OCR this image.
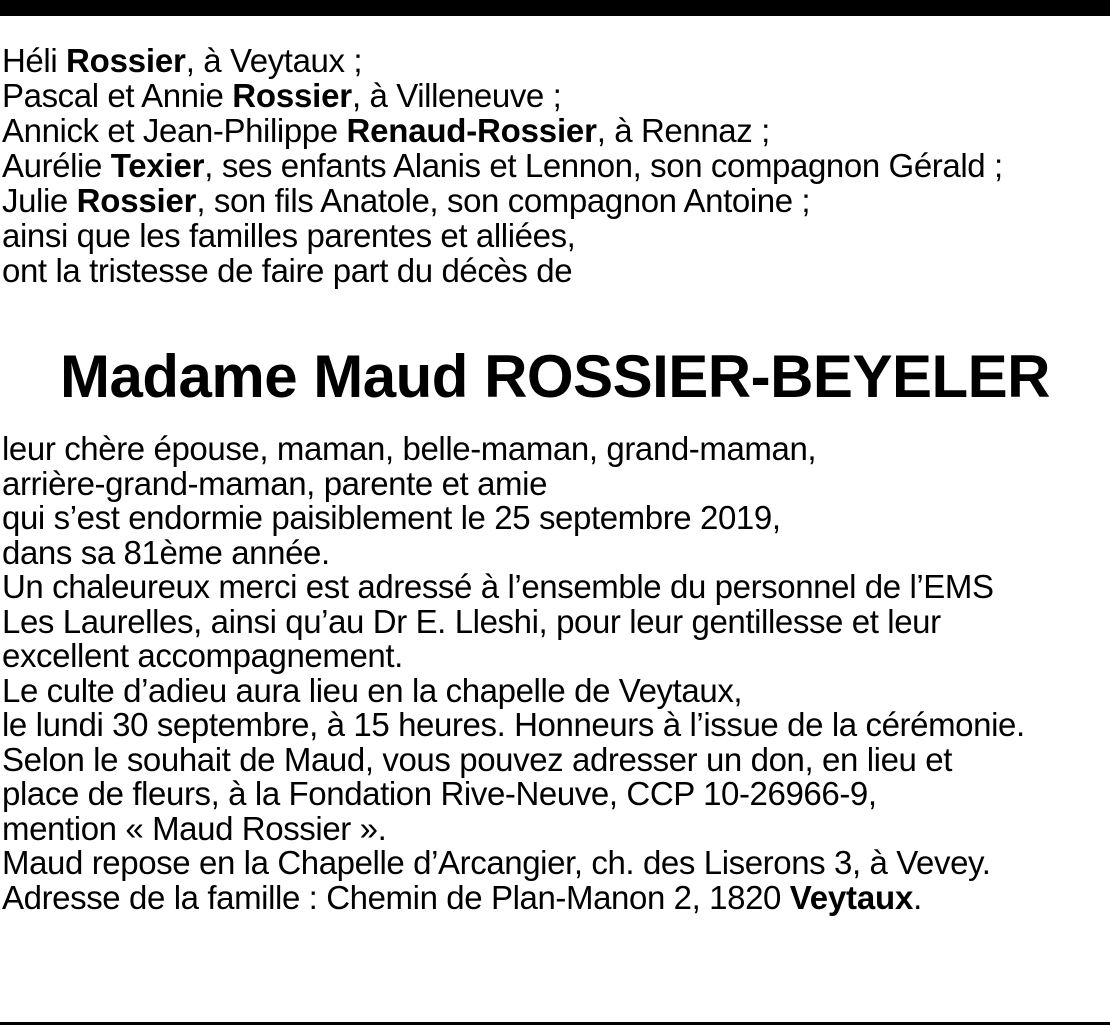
Héli Rossier, à Veytaux ;
Pascal et Annie Rossier, à Villeneuve ;
Annick et Jean-Philippe Renaud-Rossier, à Rennaz ;
Aurélie Texier, ses enfants Alanis et Lennon, son compagnon Gérald ;
Julie Rossier, son fils Anatole, son compagnon Antoine ;
ainsi que les familles parentes et alliées,
ont la tristesse de faire part du décès de
Madame Maud ROSSIER-BEYELER
leur chère épouse, maman, belle-maman, grand-maman,
arrière-grand-maman, parente et amie
qui s’est endormie paisiblement le 25 septembre 2019,
dans sa 81ème année.
Un chaleureux merci est adressé à l’ensemble du personnel de l’EMS
Les Laurelles, ainsi qu’au Dr E. Lleshi, pour leur gentillesse et leur
excellent accompagnement.
Le culte d’adieu aura lieu en la chapelle de Veytaux,
le lundi 30 septembre, à 15 heures. Honneurs à l’issue de la cérémonie.
Selon le souhait de Maud, vous pouvez adresser un don, en lieu et
place de fleurs, à la Fondation Rive-Neuve, CCP 10-26966-9,
mention « Maud Rossier ».
Maud repose en la Chapelle d’Arcangier, ch. des Liserons 3, à Vevey.
Adresse de la famille : Chemin de Plan-Manon 2, 1820 Veytaux.
